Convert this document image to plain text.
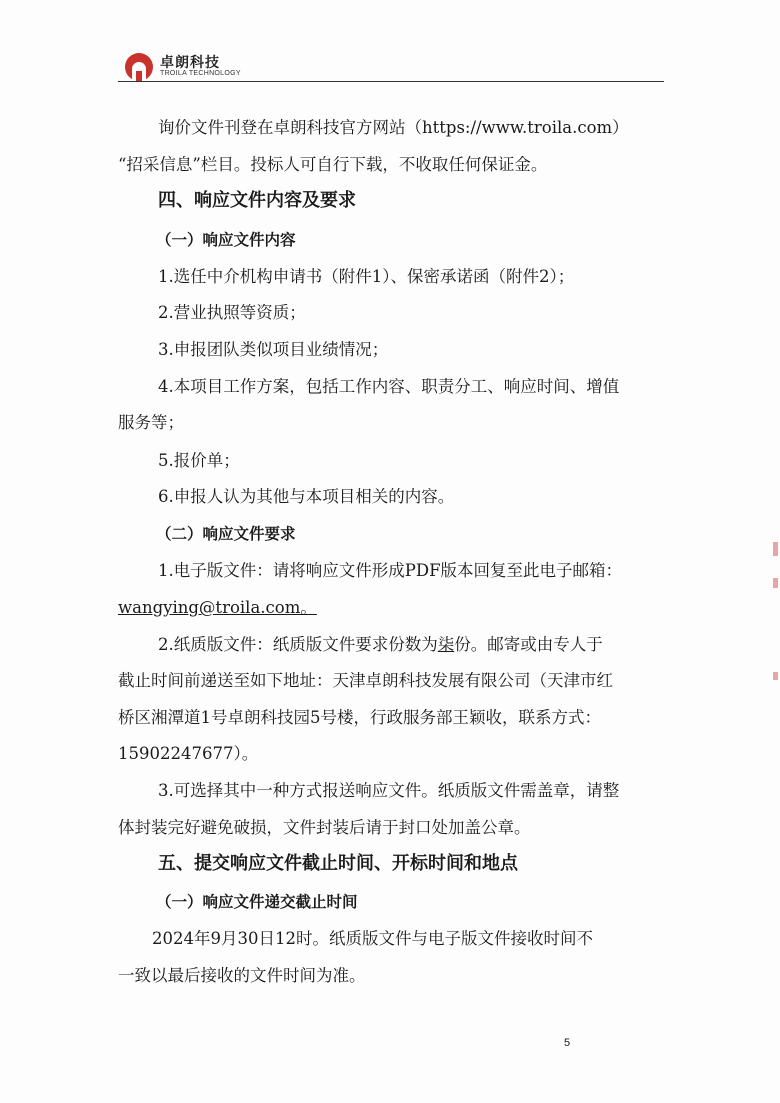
卓朗科技
TROILA TECHNOLOGY
询价文件刊登在卓朗科技官方网站（https://www.troila.com）
“招采信息”栏目。投标人可自行下载，不收取任何保证金。
四、响应文件内容及要求
（一）响应文件内容
1.选任中介机构申请书（附件1）、保密承诺函（附件2）；
2.营业执照等资质；
3.申报团队类似项目业绩情况；
4.本项目工作方案，包括工作内容、职责分工、响应时间、增值
服务等；
5.报价单；
6.申报人认为其他与本项目相关的内容。
（二）响应文件要求
1.电子版文件：请将响应文件形成PDF版本回复至此电子邮箱：
wangying@troila.com。
2.纸质版文件：纸质版文件要求份数为柒份。邮寄或由专人于
截止时间前递送至如下地址：天津卓朗科技发展有限公司（天津市红
桥区湘潭道1号卓朗科技园5号楼，行政服务部王颖收，联系方式：
15902247677）。
3.可选择其中一种方式报送响应文件。纸质版文件需盖章，请整
体封装完好避免破损，文件封装后请于封口处加盖公章。
五、提交响应文件截止时间、开标时间和地点
（一）响应文件递交截止时间
2024年9月30日12时。纸质版文件与电子版文件接收时间不
一致以最后接收的文件时间为准。
5
